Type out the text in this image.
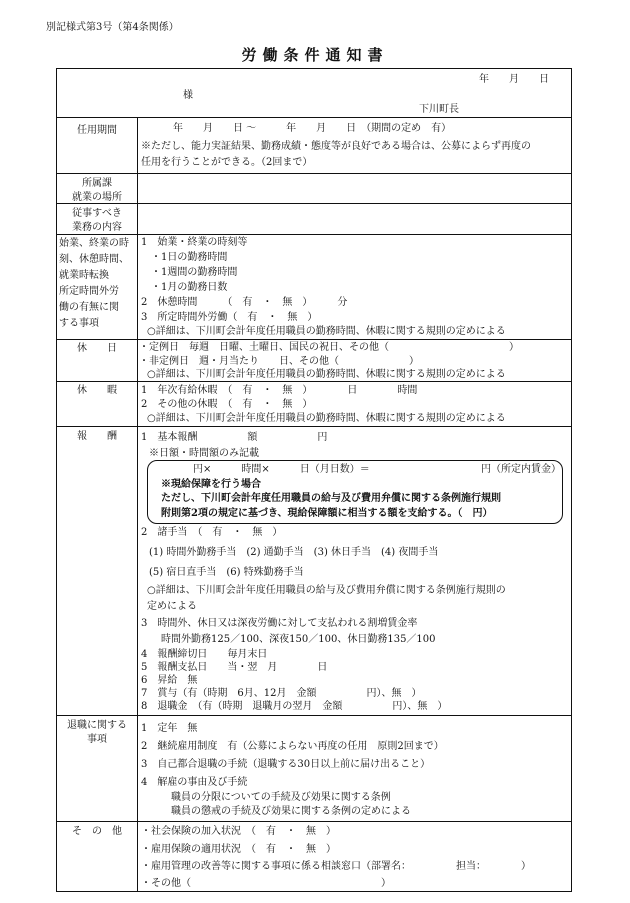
別記様式第3号（第4条関係）
労働条件通知書
年　　月　　日
様
下川町長
任用期間
所属課
就業の場所
従事すべき
業務の内容
始業、終業の時
刻、休憩時間、
就業時転換
所定時間外労
働の有無に関
する事項
休　　日
休　　暇
報　　酬
退職に関する
事項
そ　の　他
年　　月　　日 ～　　　年　　月　　日　（期間の定め　有）
※ただし、能力実証結果、勤務成績・態度等が良好である場合は、公募によらず再度の
任用を行うことができる。（2回まで）
1　始業・終業の時刻等
・1日の勤務時間
・1週間の勤務時間
・1月の勤務日数
2　休憩時間　　　（　有　・　無　）　　　分
3　所定時間外労働（　有　・　無　）
○詳細は、下川町会計年度任用職員の勤務時間、休暇に関する規則の定めによる
・定例日　毎週　日曜、土曜日、国民の祝日、その他（　　　　　　　　　　　　）
・非定例日　週・月当たり　　日、その他（　　　　　　　）
○詳細は、下川町会計年度任用職員の勤務時間、休暇に関する規則の定めによる
1　年次有給休暇　（　有　・　無　）　　　　日　　　　時間
2　その他の休暇　（　有　・　無　）
○詳細は、下川町会計年度任用職員の勤務時間、休暇に関する規則の定めによる
1　基本報酬　　　　　額　　　　　　円
※日額・時間額のみ記載
円×　　　時間×　　　日（月日数）＝	円（所定内賃金）
※現給保障を行う場合
ただし、下川町会計年度任用職員の給与及び費用弁償に関する条例施行規則
附則第2項の規定に基づき、現給保障額に相当する額を支給する。（　円）
2　諸手当　（　有　・　無　）
(1) 時間外勤務手当　(2) 通勤手当　(3) 休日手当　(4) 夜間手当
(5) 宿日直手当　(6) 特殊勤務手当
○詳細は、下川町会計年度任用職員の給与及び費用弁償に関する条例施行規則の
定めによる
3　時間外、休日又は深夜労働に対して支払われる割増賃金率
時間外勤務125／100、深夜150／100、休日勤務135／100
4　報酬締切日　　毎月末日
5　報酬支払日　　当・翌　月　　　　日
6　昇給　無
7　賞与（有（時期　6月、12月　金額　　　　　円）、無　）
1　定年　無
2　継続雇用制度　有（公募によらない再度の任用　原則2回まで）
3　自己都合退職の手続（退職する30日以上前に届け出ること）
4　解雇の事由及び手続
職員の分限についての手続及び効果に関する条例
職員の懲戒の手続及び効果に関する条例の定めによる
・社会保険の加入状況　（　有　・　無　）
・雇用保険の適用状況　（　有　・　無　）
・雇用管理の改善等に関する事項に係る相談窓口（部署名：　　　　　担当：　　　　）
・その他（　　　　　　　　　　　　　　　　　　　）
8　退職金　（有（時期　退職月の翌月　金額　　　　　円）、無　）
